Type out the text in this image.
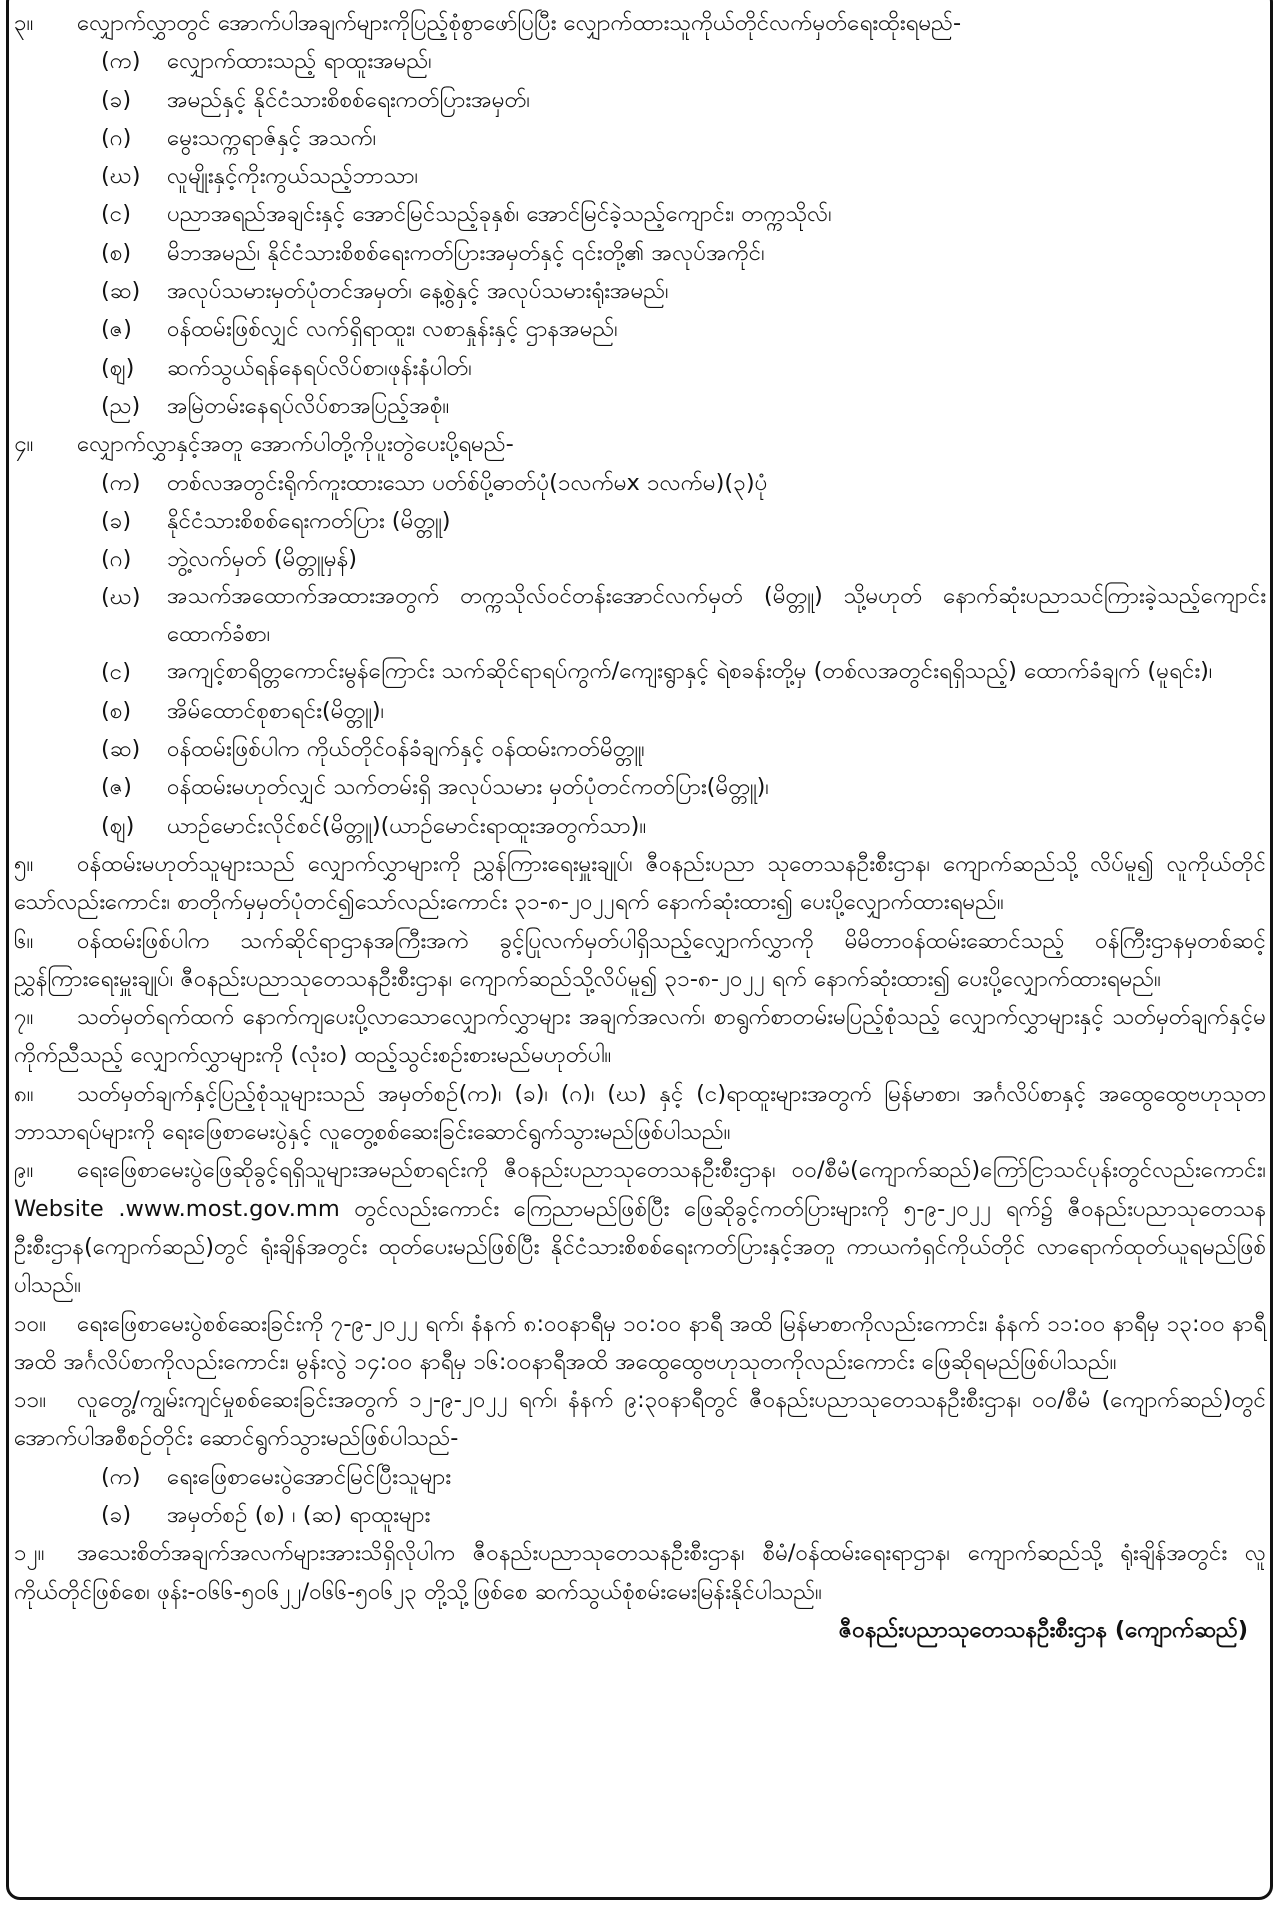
၃။	လျှောက်လွှာတွင် အောက်ပါအချက်များကိုပြည့်စုံစွာဖော်ပြပြီး လျှောက်ထားသူကိုယ်တိုင်လက်မှတ်ရေးထိုးရမည်-
(က)	လျှောက်ထားသည့် ရာထူးအမည်၊
(ခ)	အမည်နှင့် နိုင်ငံသားစိစစ်ရေးကတ်ပြားအမှတ်၊
(ဂ)	မွေးသက္ကရာဇ်နှင့် အသက်၊
(ဃ)	လူမျိုးနှင့်ကိုးကွယ်သည့်ဘာသာ၊
(င)	ပညာအရည်အချင်းနှင့် အောင်မြင်သည့်ခုနှစ်၊ အောင်မြင်ခဲ့သည့်ကျောင်း၊ တက္ကသိုလ်၊
(စ)	မိဘအမည်၊ နိုင်ငံသားစိစစ်ရေးကတ်ပြားအမှတ်နှင့် ၎င်းတို့၏ အလုပ်အကိုင်၊
(ဆ)	အလုပ်သမားမှတ်ပုံတင်အမှတ်၊ နေ့စွဲနှင့် အလုပ်သမားရုံးအမည်၊
(ဇ)	ဝန်ထမ်းဖြစ်လျှင် လက်ရှိရာထူး၊ လစာနှုန်းနှင့် ဌာနအမည်၊
(ဈ)	ဆက်သွယ်ရန်နေရပ်လိပ်စာ၊ဖုန်းနံပါတ်၊
(ည)	အမြဲတမ်းနေရပ်လိပ်စာအပြည့်အစုံ။
၄။	လျှောက်လွှာနှင့်အတူ အောက်ပါတို့ကိုပူးတွဲပေးပို့ရမည်-
(က)	တစ်လအတွင်းရိုက်ကူးထားသော ပတ်စ်ပို့ဓာတ်ပုံ(၁လက်မx ၁လက်မ)(၃)ပုံ
(ခ)	နိုင်ငံသားစိစစ်ရေးကတ်ပြား (မိတ္တူ)
(ဂ)	ဘွဲ့လက်မှတ် (မိတ္တူမှန်)
(ဃ)	အသက်အထောက်အထားအတွက် တက္ကသိုလ်ဝင်တန်းအောင်လက်မှတ် (မိတ္တူ) သို့မဟုတ် နောက်ဆုံးပညာသင်ကြားခဲ့သည့်ကျောင်းထောက်ခံစာ၊
(င)	အကျင့်စာရိတ္တကောင်းမွန်ကြောင်း သက်ဆိုင်ရာရပ်ကွက်/ကျေးရွာနှင့် ရဲစခန်းတို့မှ (တစ်လအတွင်းရရှိသည့်) ထောက်ခံချက် (မူရင်း)၊
(စ)	အိမ်ထောင်စုစာရင်း(မိတ္တူ)၊
(ဆ)	ဝန်ထမ်းဖြစ်ပါက ကိုယ်တိုင်ဝန်ခံချက်နှင့် ဝန်ထမ်းကတ်မိတ္တူ၊
(ဇ)	ဝန်ထမ်းမဟုတ်လျှင် သက်တမ်းရှိ အလုပ်သမား မှတ်ပုံတင်ကတ်ပြား(မိတ္တူ)၊
(ဈ)	ယာဉ်မောင်းလိုင်စင်(မိတ္တူ)(ယာဉ်မောင်းရာထူးအတွက်သာ)။
၅။ ဝန်ထမ်းမဟုတ်သူများသည် လျှောက်လွှာများကို ညွှန်ကြားရေးမှူးချုပ်၊ ဇီဝနည်းပညာ သုတေသနဦးစီးဌာန၊ ကျောက်ဆည်သို့ လိပ်မူ၍ လူကိုယ်တိုင်သော်လည်းကောင်း၊ စာတိုက်မှမှတ်ပုံတင်၍သော်လည်းကောင်း ၃၁-၈-၂၀၂၂ရက် နောက်ဆုံးထား၍ ပေးပို့လျှောက်ထားရမည်။
၆။ ဝန်ထမ်းဖြစ်ပါက သက်ဆိုင်ရာဌာနအကြီးအကဲ ခွင့်ပြုလက်မှတ်ပါရှိသည့်လျှောက်လွှာကို မိမိတာဝန်ထမ်းဆောင်သည့် ဝန်ကြီးဌာနမှတစ်ဆင့် ညွှန်ကြားရေးမှူးချုပ်၊ ဇီဝနည်းပညာသုတေသနဦးစီးဌာန၊ ကျောက်ဆည်သို့လိပ်မူ၍ ၃၁-၈-၂၀၂၂ ရက် နောက်ဆုံးထား၍ ပေးပို့လျှောက်ထားရမည်။
၇။ သတ်မှတ်ရက်ထက် နောက်ကျပေးပို့လာသောလျှောက်လွှာများ အချက်အလက်၊ စာရွက်စာတမ်းမပြည့်စုံသည့် လျှောက်လွှာများနှင့် သတ်မှတ်ချက်နှင့်မကိုက်ညီသည့် လျှောက်လွှာများကို (လုံး၀) ထည့်သွင်းစဉ်းစားမည်မဟုတ်ပါ။
၈။ သတ်မှတ်ချက်နှင့်ပြည့်စုံသူများသည် အမှတ်စဉ်(က)၊ (ခ)၊ (ဂ)၊ (ဃ) နှင့် (င)ရာထူးများအတွက် မြန်မာစာ၊ အင်္ဂလိပ်စာနှင့် အထွေထွေဗဟုသုတဘာသာရပ်များကို ရေးဖြေစာမေးပွဲနှင့် လူတွေ့စစ်ဆေးခြင်းဆောင်ရွက်သွားမည်ဖြစ်ပါသည်။
၉။ ရေးဖြေစာမေးပွဲဖြေဆိုခွင့်ရရှိသူများအမည်စာရင်းကို ဇီဝနည်းပညာသုတေသနဦးစီးဌာန၊ ဝဝ/စီမံ(ကျောက်ဆည်)ကြော်ငြာသင်ပုန်းတွင်လည်းကောင်း၊ Website .www.most.gov.mm တွင်လည်းကောင်း ကြေညာမည်ဖြစ်ပြီး ဖြေဆိုခွင့်ကတ်ပြားများကို ၅-၉-၂၀၂၂ ရက်၌ ဇီဝနည်းပညာသုတေသနဦးစီးဌာန(ကျောက်ဆည်)တွင် ရုံးချိန်အတွင်း ထုတ်ပေးမည်ဖြစ်ပြီး နိုင်ငံသားစိစစ်ရေးကတ်ပြားနှင့်အတူ ကာယကံရှင်ကိုယ်တိုင် လာရောက်ထုတ်ယူရမည်ဖြစ်ပါသည်။
၁၀။ ရေးဖြေစာမေးပွဲစစ်ဆေးခြင်းကို ၇-၉-၂၀၂၂ ရက်၊ နံနက် ၈:၀၀နာရီမှ ၁၀:၀၀ နာရီ အထိ မြန်မာစာကိုလည်းကောင်း၊ နံနက် ၁၁:၀၀ နာရီမှ ၁၃:၀၀ နာရီအထိ အင်္ဂလိပ်စာကိုလည်းကောင်း၊ မွန်းလွဲ ၁၄:၀၀ နာရီမှ ၁၆:၀၀နာရီအထိ အထွေထွေဗဟုသုတကိုလည်းကောင်း ဖြေဆိုရမည်ဖြစ်ပါသည်။
၁၁။ လူတွေ့/ကျွမ်းကျင်မှုစစ်ဆေးခြင်းအတွက် ၁၂-၉-၂၀၂၂ ရက်၊ နံနက် ၉:၃၀နာရီတွင် ဇီဝနည်းပညာသုတေသနဦးစီးဌာန၊ ဝဝ/စီမံ (ကျောက်ဆည်)တွင် အောက်ပါအစီစဉ်တိုင်း ဆောင်ရွက်သွားမည်ဖြစ်ပါသည်-
(က)	ရေးဖြေစာမေးပွဲအောင်မြင်ပြီးသူများ
(ခ)	အမှတ်စဉ် (စ) ၊ (ဆ) ရာထူးများ
၁၂။ အသေးစိတ်အချက်အလက်များအားသိရှိလိုပါက ဇီဝနည်းပညာသုတေသနဦးစီးဌာန၊ စီမံ/ဝန်ထမ်းရေးရာဌာန၊ ကျောက်ဆည်သို့ ရုံးချိန်အတွင်း လူကိုယ်တိုင်ဖြစ်စေ၊ ဖုန်း-၀၆၆-၅၀၆၂၂/၀၆၆-၅၀၆၂၃ တို့သို့ဖြစ်စေ ဆက်သွယ်စုံစမ်းမေးမြန်းနိုင်ပါသည်။
ဇီဝနည်းပညာသုတေသနဦးစီးဌာန (ကျောက်ဆည်)
